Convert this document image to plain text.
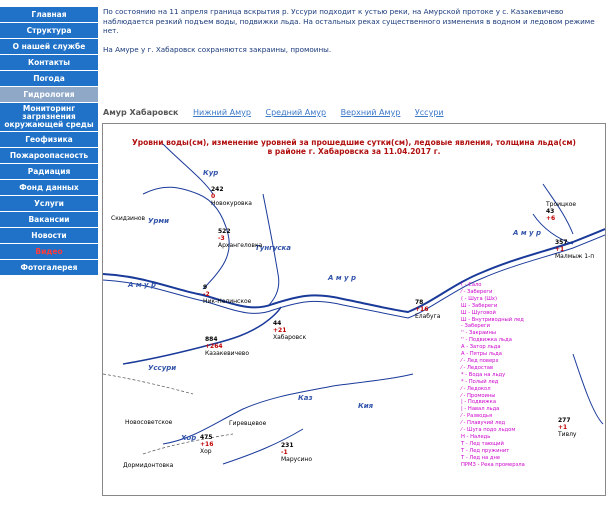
Главная
Структура
О нашей службе
Контакты
Погода
Гидрология
Мониторинг загрязнения окружающей среды
Геофизика
Пожароопасность
Радиация
Фонд данных
Услуги
Вакансии
Новости
Видео
Фотогалерея

По состоянию на 11 апреля граница вскрытия р. Уссури подходит к устью реки, на Амурской протоке у с. Казакевичево наблюдается резкий подъем воды, подвижки льда. На остальных реках существенного изменения в водном и ледовом режиме нет.

На Амуре у г. Хабаровск сохраняются закраины, промоины.

Амур Хабаровск Нижний Амур Средний Амур Верхний Амур Уссури
Уровни воды(см), изменение уровней за прошедшие сутки(см), ледовые явления, толщина льда(см)
в районе г. Хабаровска за 11.04.2017 г.
А м у р
А м у р
А м у р
Уссури
Тунгуска
Кур
Урми
Каз
Хор
Кия
242
0
Новокуровка
522
-3
Архангеловка
9
-2
Ник-Нелинское
884
+264
Казакевичево
44
+21
Хабаровск
78
+16
Елабуга
Троицкое
43
+6
357
+1
Малмыж 1-п
Новосоветское	Гиревцевое
475
+16
Хор
231
-1
Марусино
Дормидонтовка
277
+1
Тивлу
Скидзинов
( - Сало
⁄ - Забереги
( - Шуга (Шх)
Ш - Забереги
Ш - Шуговой
Ш - Внутриводный лед
- Забереги
'' - Закраины
'' - Подвижка льда
А - Затор льда
А - Пятры льда
⁄ - Лед поверх
⁄ - Ледостав
* - Вода на льду
* - Полый лед
⁄ - Ледокол
⁄ - Промоины
| - Подвижка
| - Навал льда
⁄ - Разводья
⁄ - Плавучий лед
⁄ - Шуга подо льдом
Н - Наледь
Т - Лед тающий
Т - Лед пружинит
Т - Лед на дне
ПРМЗ - Река промерзла
